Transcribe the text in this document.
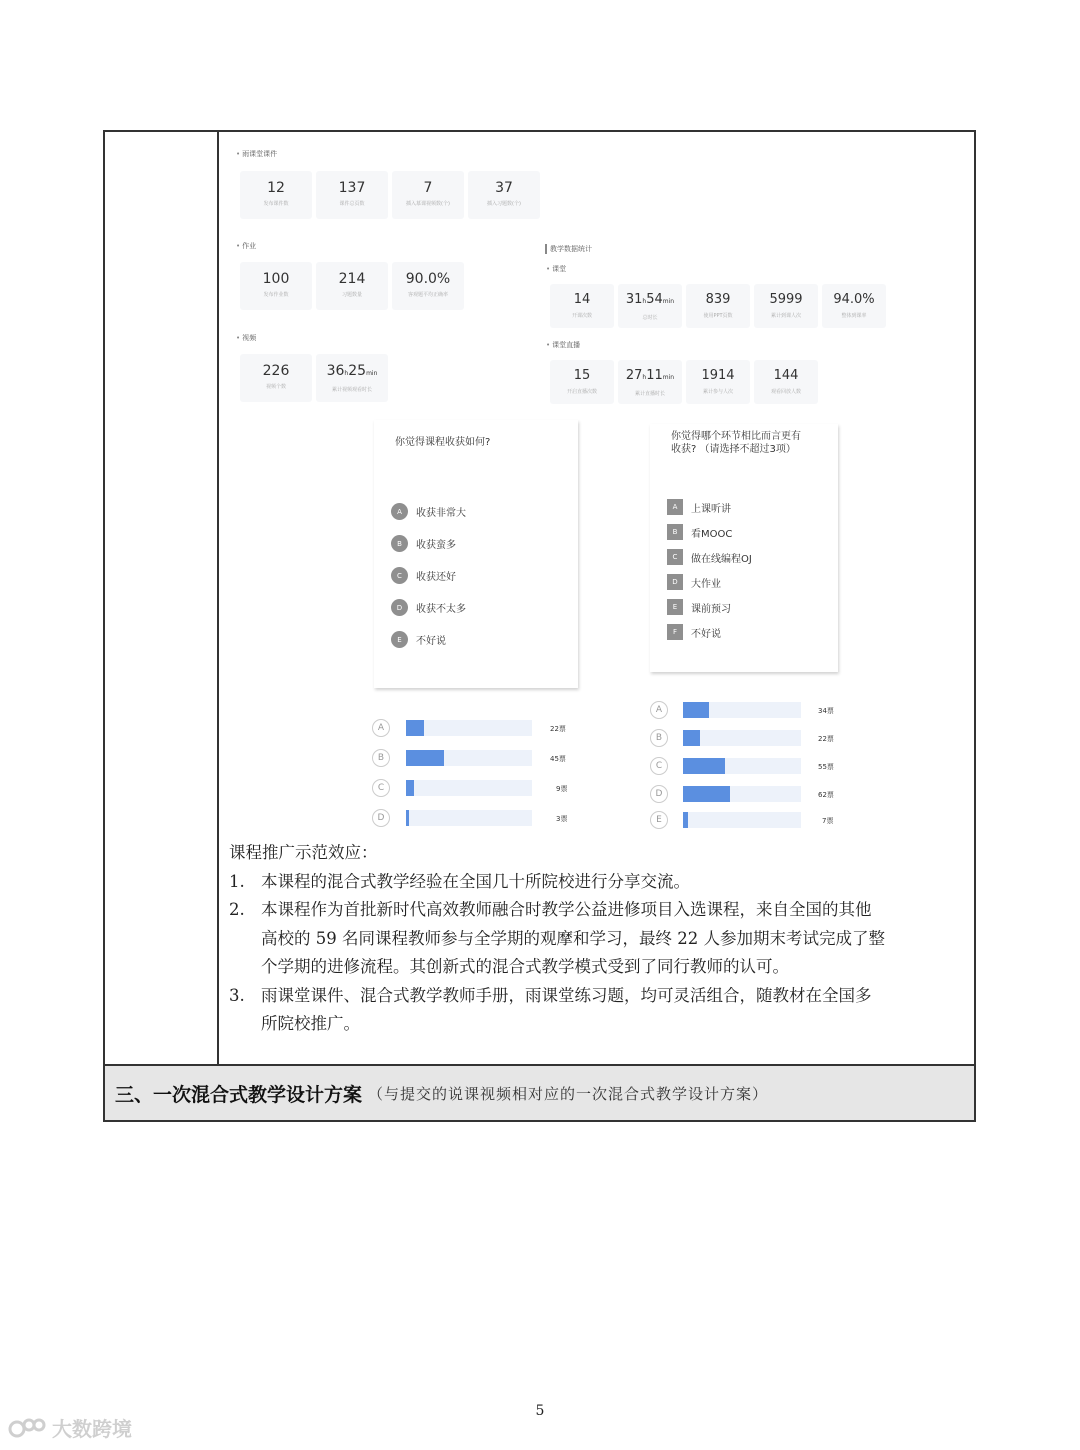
• 雨课堂课件
12
发布课件数
137
课件总页数
7
插入慕课视频数(个)
37
插入习题数(个)
• 作业
100
发布作业数
214
习题数量
90.0%
客观题平均正确率
• 视频
226
视频个数
36h25min
累计视频观看时长
教学数据统计
• 课堂
14
开课次数
31h54min
总时长
839
使用PPT页数
5999
累计到课人次
94.0%
整体到课率
• 课堂直播
15
开启直播次数
27h11min
累计直播时长
1914
累计参与人次
144
观看回放人数
你觉得课程收获如何?
A	收获非常大
B	收获蛮多
C	收获还好
D	收获不太多
E	不好说
A	22票
B	45票
C	9票
D	3票
你觉得哪个环节相比而言更有
收获? （请选择不超过3项）
A	上课听讲
B	看MOOC
C	做在线编程OJ
D	大作业
E	课前预习
F	不好说
A	34票
B	22票
C	55票
D	62票
E	7票
课程推广示范效应：
1. 本课程的混合式教学经验在全国几十所院校进行分享交流。
2. 本课程作为首批新时代高效教师融合时教学公益进修项目入选课程，来自全国的其他
高校的 59 名同课程教师参与全学期的观摩和学习，最终 22 人参加期末考试完成了整
个学期的进修流程。其创新式的混合式教学模式受到了同行教师的认可。
3. 雨课堂课件、混合式教学教师手册，雨课堂练习题，均可灵活组合，随教材在全国多
所院校推广。
三、一次混合式教学设计方案 （与提交的说课视频相对应的一次混合式教学设计方案）
5
大数跨境
